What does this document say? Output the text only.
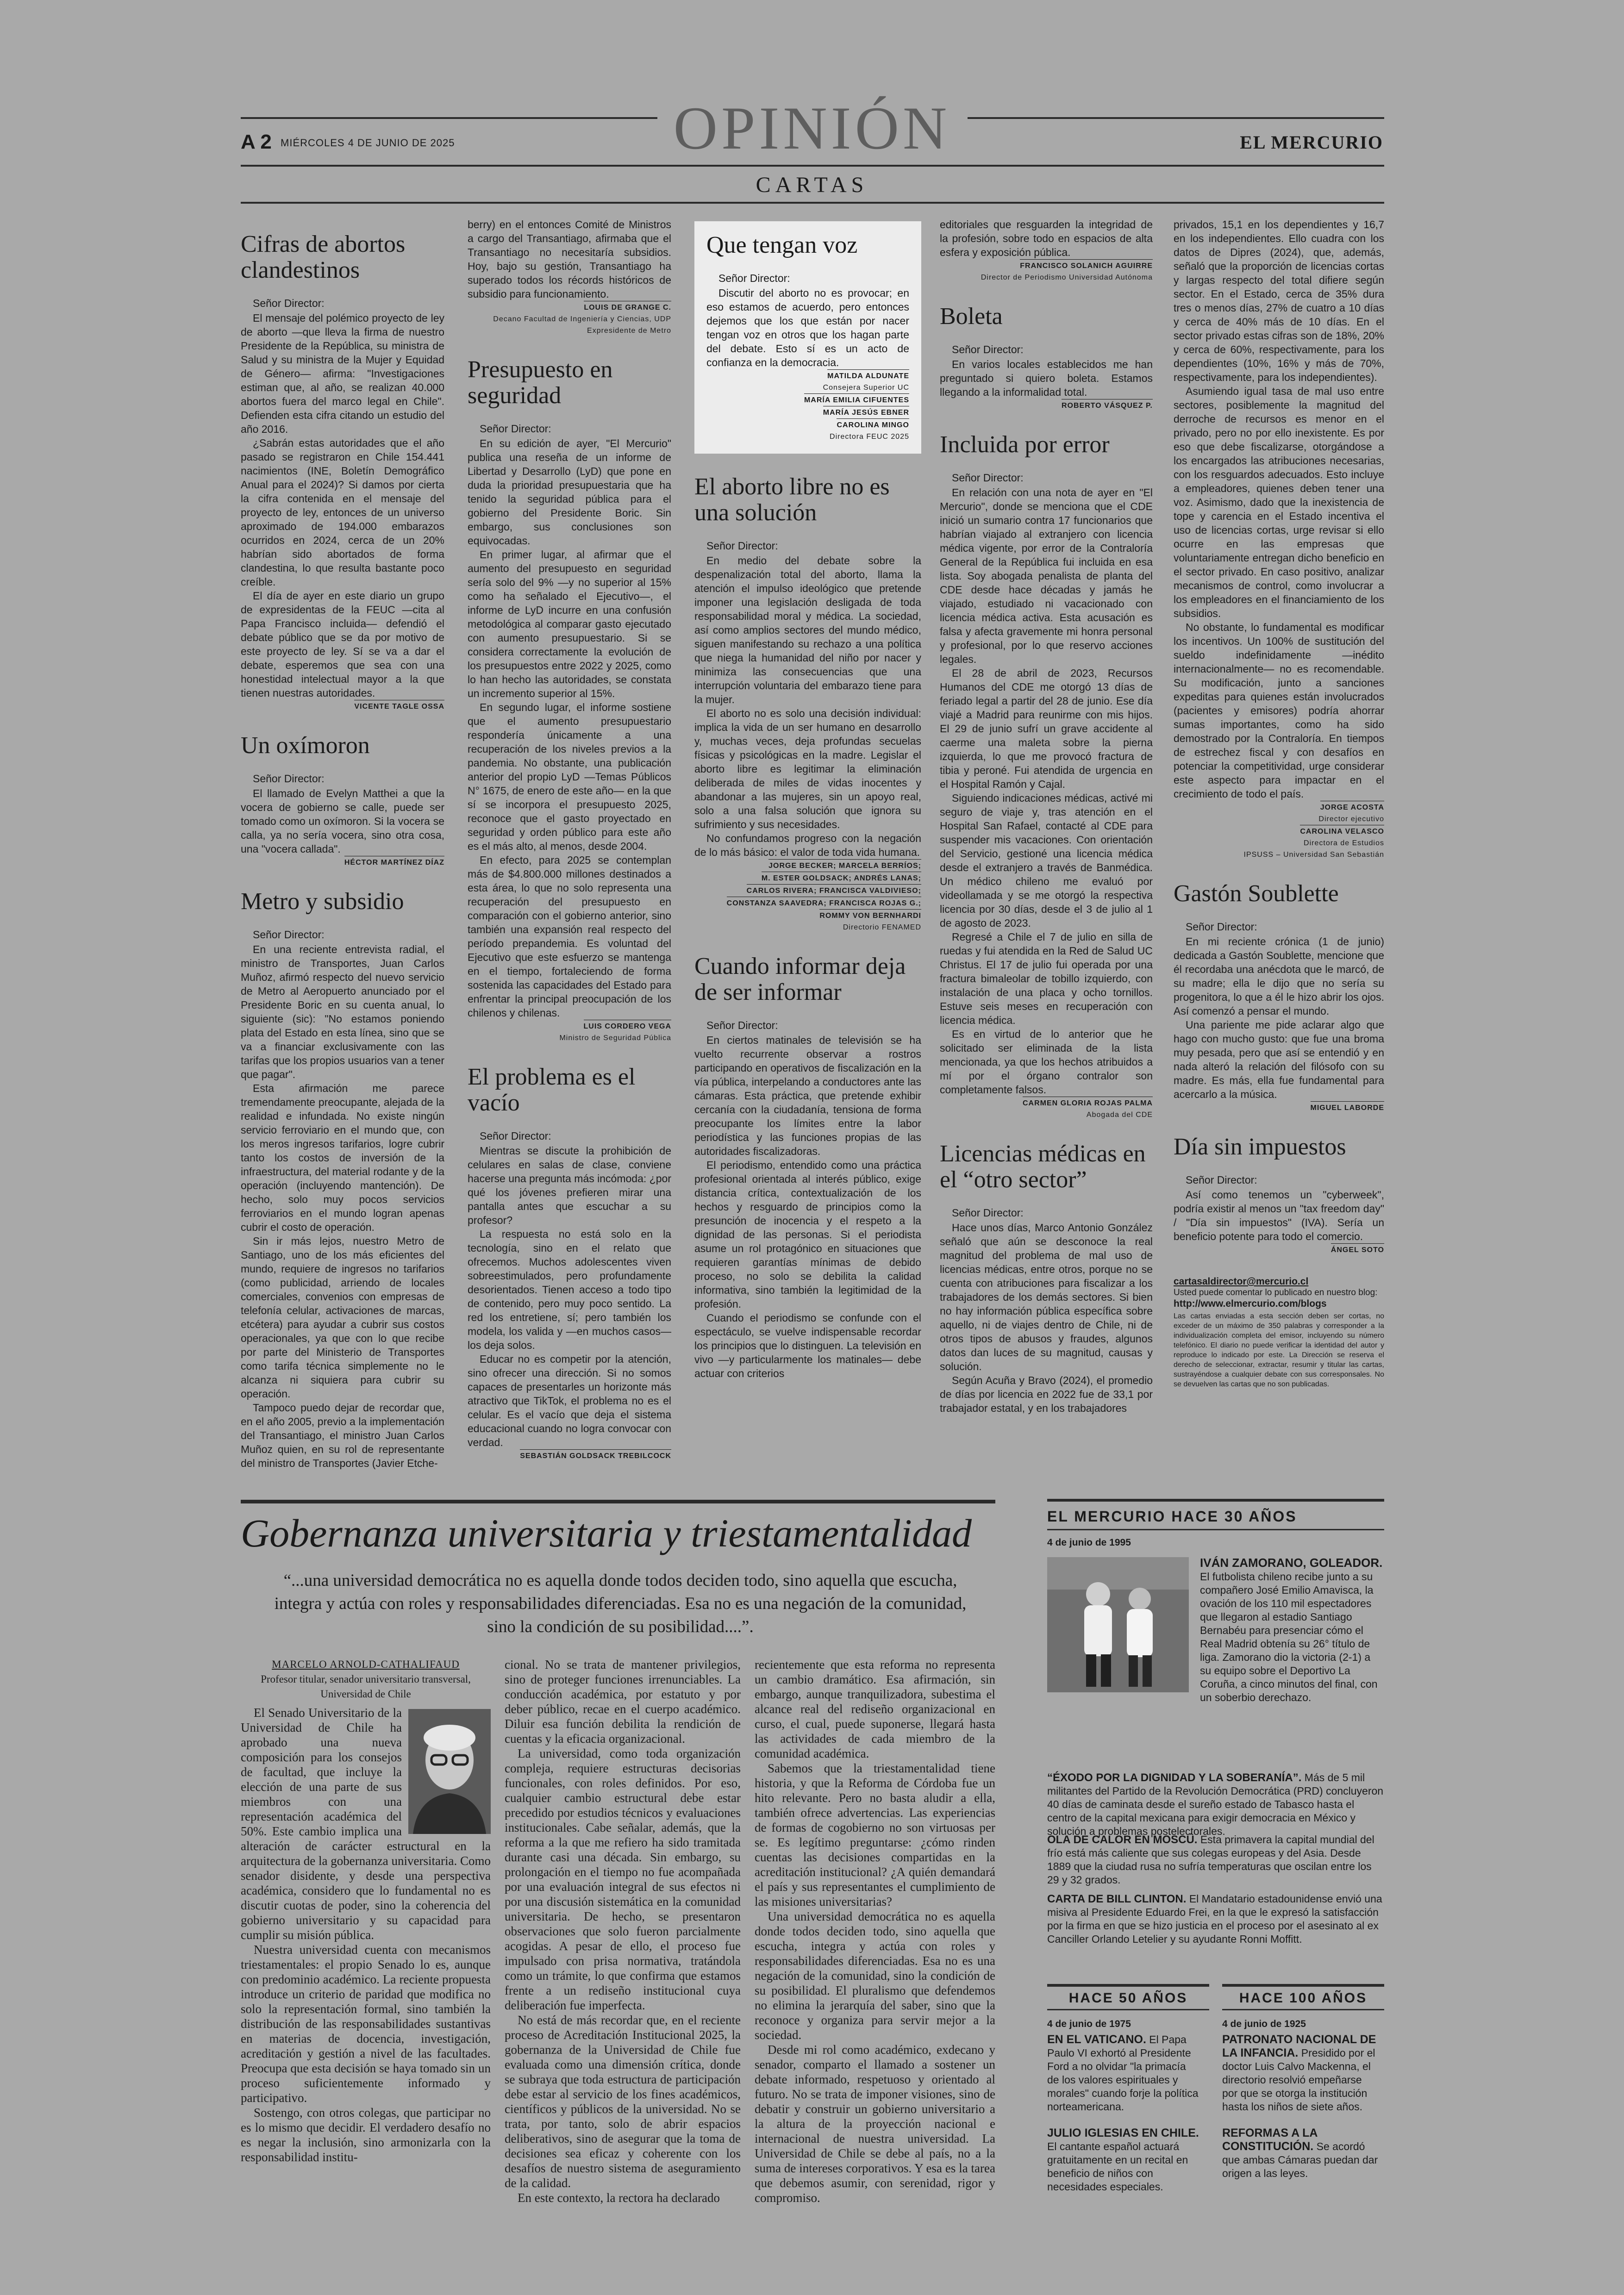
OPINIÓN
A 2 MIÉRCOLES 4 DE JUNIO DE 2025	EL MERCURIO
CARTAS
Cifras de abortos clandestinos

Señor Director:

El mensaje del polémico proyecto de ley de aborto —que lleva la firma de nuestro Presidente de la República, su ministra de Salud y su ministra de la Mujer y Equidad de Género— afirma: "Investigaciones estiman que, al año, se realizan 40.000 abortos fuera del marco legal en Chile". Defienden esta cifra citando un estudio del año 2016.

¿Sabrán estas autoridades que el año pasado se registraron en Chile 154.441 nacimientos (INE, Boletín Demográfico Anual para el 2024)? Si damos por cierta la cifra contenida en el mensaje del proyecto de ley, entonces de un universo aproximado de 194.000 embarazos ocurridos en 2024, cerca de un 20% habrían sido abortados de forma clandestina, lo que resulta bastante poco creíble.

El día de ayer en este diario un grupo de expresidentas de la FEUC —cita al Papa Francisco incluida— defendió el debate público que se da por motivo de este proyecto de ley. Sí se va a dar el debate, esperemos que sea con una honestidad intelectual mayor a la que tienen nuestras autoridades.

VICENTE TAGLE OSSA
Un oxímoron

Señor Director:

El llamado de Evelyn Matthei a que la vocera de gobierno se calle, puede ser tomado como un oxímoron. Si la vocera se calla, ya no sería vocera, sino otra cosa, una "vocera callada".

HÉCTOR MARTÍNEZ DÍAZ
Metro y subsidio

Señor Director:

En una reciente entrevista radial, el ministro de Transportes, Juan Carlos Muñoz, afirmó respecto del nuevo servicio de Metro al Aeropuerto anunciado por el Presidente Boric en su cuenta anual, lo siguiente (sic): "No estamos poniendo plata del Estado en esta línea, sino que se va a financiar exclusivamente con las tarifas que los propios usuarios van a tener que pagar".

Esta afirmación me parece tremendamente preocupante, alejada de la realidad e infundada. No existe ningún servicio ferroviario en el mundo que, con los meros ingresos tarifarios, logre cubrir tanto los costos de inversión de la infraestructura, del material rodante y de la operación (incluyendo mantención). De hecho, solo muy pocos servicios ferroviarios en el mundo logran apenas cubrir el costo de operación.

Sin ir más lejos, nuestro Metro de Santiago, uno de los más eficientes del mundo, requiere de ingresos no tarifarios (como publicidad, arriendo de locales comerciales, convenios con empresas de telefonía celular, activaciones de marcas, etcétera) para ayudar a cubrir sus costos operacionales, ya que con lo que recibe por parte del Ministerio de Transportes como tarifa técnica simplemente no le alcanza ni siquiera para cubrir su operación.

Tampoco puedo dejar de recordar que, en el año 2005, previo a la implementación del Transantiago, el ministro Juan Carlos Muñoz quien, en su rol de representante del ministro de Transportes (Javier Etche-

berry) en el entonces Comité de Ministros a cargo del Transantiago, afirmaba que el Transantiago no necesitaría subsidios. Hoy, bajo su gestión, Transantiago ha superado todos los récords históricos de subsidio para funcionamiento.

LOUIS DE GRANGE C.
Decano Facultad de Ingeniería y Ciencias, UDP Expresidente de Metro
Presupuesto en seguridad

Señor Director:

En su edición de ayer, "El Mercurio" publica una reseña de un informe de Libertad y Desarrollo (LyD) que pone en duda la prioridad presupuestaria que ha tenido la seguridad pública para el gobierno del Presidente Boric. Sin embargo, sus conclusiones son equivocadas.

En primer lugar, al afirmar que el aumento del presupuesto en seguridad sería solo del 9% —y no superior al 15% como ha señalado el Ejecutivo—, el informe de LyD incurre en una confusión metodológica al comparar gasto ejecutado con aumento presupuestario. Si se considera correctamente la evolución de los presupuestos entre 2022 y 2025, como lo han hecho las autoridades, se constata un incremento superior al 15%.

En segundo lugar, el informe sostiene que el aumento presupuestario respondería únicamente a una recuperación de los niveles previos a la pandemia. No obstante, una publicación anterior del propio LyD —Temas Públicos N° 1675, de enero de este año— en la que sí se incorpora el presupuesto 2025, reconoce que el gasto proyectado en seguridad y orden público para este año es el más alto, al menos, desde 2004.

En efecto, para 2025 se contemplan más de $4.800.000 millones destinados a esta área, lo que no solo representa una recuperación del presupuesto en comparación con el gobierno anterior, sino también una expansión real respecto del período prepandemia. Es voluntad del Ejecutivo que este esfuerzo se mantenga en el tiempo, fortaleciendo de forma sostenida las capacidades del Estado para enfrentar la principal preocupación de los chilenos y chilenas.

LUIS CORDERO VEGA
Ministro de Seguridad Pública
El problema es el vacío

Señor Director:

Mientras se discute la prohibición de celulares en salas de clase, conviene hacerse una pregunta más incómoda: ¿por qué los jóvenes prefieren mirar una pantalla antes que escuchar a su profesor?

La respuesta no está solo en la tecnología, sino en el relato que ofrecemos. Muchos adolescentes viven sobreestimulados, pero profundamente desorientados. Tienen acceso a todo tipo de contenido, pero muy poco sentido. La red los entretiene, sí; pero también los modela, los valida y —en muchos casos— los deja solos.

Educar no es competir por la atención, sino ofrecer una dirección. Si no somos capaces de presentarles un horizonte más atractivo que TikTok, el problema no es el celular. Es el vacío que deja el sistema educacional cuando no logra convocar con verdad.

SEBASTIÁN GOLDSACK TREBILCOCK
Que tengan voz

Señor Director:

Discutir del aborto no es provocar; en eso estamos de acuerdo, pero entonces dejemos que los que están por nacer tengan voz en otros que los hagan parte del debate. Esto sí es un acto de confianza en la democracia.

MATILDA ALDUNATE
Consejera Superior UC
MARÍA EMILIA CIFUENTES
MARÍA JESÚS EBNER
CAROLINA MINGO
Directora FEUC 2025
El aborto libre no es una solución

Señor Director:

En medio del debate sobre la despenalización total del aborto, llama la atención el impulso ideológico que pretende imponer una legislación desligada de toda responsabilidad moral y médica. La sociedad, así como amplios sectores del mundo médico, siguen manifestando su rechazo a una política que niega la humanidad del niño por nacer y minimiza las consecuencias que una interrupción voluntaria del embarazo tiene para la mujer.

El aborto no es solo una decisión individual: implica la vida de un ser humano en desarrollo y, muchas veces, deja profundas secuelas físicas y psicológicas en la madre. Legislar el aborto libre es legitimar la eliminación deliberada de miles de vidas inocentes y abandonar a las mujeres, sin un apoyo real, solo a una falsa solución que ignora su sufrimiento y sus necesidades.

No confundamos progreso con la negación de lo más básico: el valor de toda vida humana.

JORGE BECKER; MARCELA BERRÍOS;
M. ESTER GOLDSACK; ANDRÉS LANAS;
CARLOS RIVERA; FRANCISCA VALDIVIESO;
CONSTANZA SAAVEDRA; FRANCISCA ROJAS G.;
ROMMY VON BERNHARDI
Directorio FENAMED
Cuando informar deja de ser informar

Señor Director:

En ciertos matinales de televisión se ha vuelto recurrente observar a rostros participando en operativos de fiscalización en la vía pública, interpelando a conductores ante las cámaras. Esta práctica, que pretende exhibir cercanía con la ciudadanía, tensiona de forma preocupante los límites entre la labor periodística y las funciones propias de las autoridades fiscalizadoras.

El periodismo, entendido como una práctica profesional orientada al interés público, exige distancia crítica, contextualización de los hechos y resguardo de principios como la presunción de inocencia y el respeto a la dignidad de las personas. Si el periodista asume un rol protagónico en situaciones que requieren garantías mínimas de debido proceso, no solo se debilita la calidad informativa, sino también la legitimidad de la profesión.

Cuando el periodismo se confunde con el espectáculo, se vuelve indispensable recordar los principios que lo distinguen. La televisión en vivo —y particularmente los matinales— debe actuar con criterios

editoriales que resguarden la integridad de la profesión, sobre todo en espacios de alta esfera y exposición pública.

FRANCISCO SOLANICH AGUIRRE
Director de Periodismo Universidad Autónoma
Boleta

Señor Director:

En varios locales establecidos me han preguntado si quiero boleta. Estamos llegando a la informalidad total.

ROBERTO VÁSQUEZ P.
Incluida por error

Señor Director:

En relación con una nota de ayer en "El Mercurio", donde se menciona que el CDE inició un sumario contra 17 funcionarios que habrían viajado al extranjero con licencia médica vigente, por error de la Contraloría General de la República fui incluida en esa lista. Soy abogada penalista de planta del CDE desde hace décadas y jamás he viajado, estudiado ni vacacionado con licencia médica activa. Esta acusación es falsa y afecta gravemente mi honra personal y profesional, por lo que reservo acciones legales.

El 28 de abril de 2023, Recursos Humanos del CDE me otorgó 13 días de feriado legal a partir del 28 de junio. Ese día viajé a Madrid para reunirme con mis hijos. El 29 de junio sufrí un grave accidente al caerme una maleta sobre la pierna izquierda, lo que me provocó fractura de tibia y peroné. Fui atendida de urgencia en el Hospital Ramón y Cajal.

Siguiendo indicaciones médicas, activé mi seguro de viaje y, tras atención en el Hospital San Rafael, contacté al CDE para suspender mis vacaciones. Con orientación del Servicio, gestioné una licencia médica desde el extranjero a través de Banmédica. Un médico chileno me evaluó por videollamada y se me otorgó la respectiva licencia por 30 días, desde el 3 de julio al 1 de agosto de 2023.

Regresé a Chile el 7 de julio en silla de ruedas y fui atendida en la Red de Salud UC Christus. El 17 de julio fui operada por una fractura bimaleolar de tobillo izquierdo, con instalación de una placa y ocho tornillos. Estuve seis meses en recuperación con licencia médica.

Es en virtud de lo anterior que he solicitado ser eliminada de la lista mencionada, ya que los hechos atribuidos a mí por el órgano contralor son completamente falsos.

CARMEN GLORIA ROJAS PALMA
Abogada del CDE
Licencias médicas en el “otro sector”

Señor Director:

Hace unos días, Marco Antonio González señaló que aún se desconoce la real magnitud del problema de mal uso de licencias médicas, entre otros, porque no se cuenta con atribuciones para fiscalizar a los trabajadores de los demás sectores. Si bien no hay información pública específica sobre aquello, ni de viajes dentro de Chile, ni de otros tipos de abusos y fraudes, algunos datos dan luces de su magnitud, causas y solución.

Según Acuña y Bravo (2024), el promedio de días por licencia en 2022 fue de 33,1 por trabajador estatal, y en los trabajadores

privados, 15,1 en los dependientes y 16,7 en los independientes. Ello cuadra con los datos de Dipres (2024), que, además, señaló que la proporción de licencias cortas y largas respecto del total difiere según sector. En el Estado, cerca de 35% dura tres o menos días, 27% de cuatro a 10 días y cerca de 40% más de 10 días. En el sector privado estas cifras son de 18%, 20% y cerca de 60%, respectivamente, para los dependientes (10%, 16% y más de 70%, respectivamente, para los independientes).

Asumiendo igual tasa de mal uso entre sectores, posiblemente la magnitud del derroche de recursos es menor en el privado, pero no por ello inexistente. Es por eso que debe fiscalizarse, otorgándose a los encargados las atribuciones necesarias, con los resguardos adecuados. Esto incluye a empleadores, quienes deben tener una voz. Asimismo, dado que la inexistencia de tope y carencia en el Estado incentiva el uso de licencias cortas, urge revisar si ello ocurre en las empresas que voluntariamente entregan dicho beneficio en el sector privado. En caso positivo, analizar mecanismos de control, como involucrar a los empleadores en el financiamiento de los subsidios.

No obstante, lo fundamental es modificar los incentivos. Un 100% de sustitución del sueldo indefinidamente —inédito internacionalmente— no es recomendable. Su modificación, junto a sanciones expeditas para quienes están involucrados (pacientes y emisores) podría ahorrar sumas importantes, como ha sido demostrado por la Contraloría. En tiempos de estrechez fiscal y con desafíos en potenciar la competitividad, urge considerar este aspecto para impactar en el crecimiento de todo el país.

JORGE ACOSTA
Director ejecutivo
CAROLINA VELASCO
Directora de Estudios
IPSUSS – Universidad San Sebastián
Gastón Soublette

Señor Director:

En mi reciente crónica (1 de junio) dedicada a Gastón Soublette, mencione que él recordaba una anécdota que le marcó, de su madre; ella le dijo que no sería su progenitora, lo que a él le hizo abrir los ojos. Así comenzó a pensar el mundo.

Una pariente me pide aclarar algo que hago con mucho gusto: que fue una broma muy pesada, pero que así se entendió y en nada alteró la relación del filósofo con su madre. Es más, ella fue fundamental para acercarlo a la música.

MIGUEL LABORDE
Día sin impuestos

Señor Director:

Así como tenemos un "cyberweek", podría existir al menos un "tax freedom day" / "Día sin impuestos" (IVA). Sería un beneficio potente para todo el comercio.

ÁNGEL SOTO
cartasaldirector@mercurio.cl
Usted puede comentar lo publicado en nuestro blog:
http://www.elmercurio.com/blogs
Las cartas enviadas a esta sección deben ser cortas, no exceder de un máximo de 350 palabras y corresponder a la individualización completa del emisor, incluyendo su número telefónico. El diario no puede verificar la identidad del autor y reproduce lo indicado por este. La Dirección se reserva el derecho de seleccionar, extractar, resumir y titular las cartas, sustrayéndose a cualquier debate con sus corresponsales. No se devuelven las cartas que no son publicadas.
Gobernanza universitaria y triestamentalidad
“...una universidad democrática no es aquella donde todos deciden todo, sino aquella que escucha, integra y actúa con roles y responsabilidades diferenciadas. Esa no es una negación de la comunidad, sino la condición de su posibilidad....”.
MARCELO ARNOLD-CATHALIFAUD
Profesor titular, senador universitario transversal, Universidad de Chile

El Senado Universitario de la Universidad de Chile ha aprobado una nueva composición para los consejos de facultad, que incluye la elección de una parte de sus miembros con una representación académica del 50%. Este cambio implica una alteración de carácter estructural en la arquitectura de la gobernanza universitaria. Como senador disidente, y desde una perspectiva académica, considero que lo fundamental no es discutir cuotas de poder, sino la coherencia del gobierno universitario y su capacidad para cumplir su misión pública.

Nuestra universidad cuenta con mecanismos triestamentales: el propio Senado lo es, aunque con predominio académico. La reciente propuesta introduce un criterio de paridad que modifica no solo la representación formal, sino también la distribución de las responsabilidades sustantivas en materias de docencia, investigación, acreditación y gestión a nivel de las facultades. Preocupa que esta decisión se haya tomado sin un proceso suficientemente informado y participativo.

Sostengo, con otros colegas, que participar no es lo mismo que decidir. El verdadero desafío no es negar la inclusión, sino armonizarla con la responsabilidad institu-

cional. No se trata de mantener privilegios, sino de proteger funciones irrenunciables. La conducción académica, por estatuto y por deber público, recae en el cuerpo académico. Diluir esa función debilita la rendición de cuentas y la eficacia organizacional.

La universidad, como toda organización compleja, requiere estructuras decisorias funcionales, con roles definidos. Por eso, cualquier cambio estructural debe estar precedido por estudios técnicos y evaluaciones institucionales. Cabe señalar, además, que la reforma a la que me refiero ha sido tramitada durante casi una década. Sin embargo, su prolongación en el tiempo no fue acompañada por una evaluación integral de sus efectos ni por una discusión sistemática en la comunidad universitaria. De hecho, se presentaron observaciones que solo fueron parcialmente acogidas. A pesar de ello, el proceso fue impulsado con prisa normativa, tratándola como un trámite, lo que confirma que estamos frente a un rediseño institucional cuya deliberación fue imperfecta.

No está de más recordar que, en el reciente proceso de Acreditación Institucional 2025, la gobernanza de la Universidad de Chile fue evaluada como una dimensión crítica, donde se subraya que toda estructura de participación debe estar al servicio de los fines académicos, científicos y públicos de la universidad. No se trata, por tanto, solo de abrir espacios deliberativos, sino de asegurar que la toma de decisiones sea eficaz y coherente con los desafíos de nuestro sistema de aseguramiento de la calidad.

En este contexto, la rectora ha declarado

recientemente que esta reforma no representa un cambio dramático. Esa afirmación, sin embargo, aunque tranquilizadora, subestima el alcance real del rediseño organizacional en curso, el cual, puede suponerse, llegará hasta las actividades de cada miembro de la comunidad académica.

Sabemos que la triestamentalidad tiene historia, y que la Reforma de Córdoba fue un hito relevante. Pero no basta aludir a ella, también ofrece advertencias. Las experiencias de formas de cogobierno no son virtuosas per se. Es legítimo preguntarse: ¿cómo rinden cuentas las decisiones compartidas en la acreditación institucional? ¿A quién demandará el país y sus representantes el cumplimiento de las misiones universitarias?

Una universidad democrática no es aquella donde todos deciden todo, sino aquella que escucha, integra y actúa con roles y responsabilidades diferenciadas. Esa no es una negación de la comunidad, sino la condición de su posibilidad. El pluralismo que defendemos no elimina la jerarquía del saber, sino que la reconoce y organiza para servir mejor a la sociedad.

Desde mi rol como académico, exdecano y senador, comparto el llamado a sostener un debate informado, respetuoso y orientado al futuro. No se trata de imponer visiones, sino de debatir y construir un gobierno universitario a la altura de la proyección nacional e internacional de nuestra universidad. La Universidad de Chile se debe al país, no a la suma de intereses corporativos. Y esa es la tarea que debemos asumir, con serenidad, rigor y compromiso.

EL MERCURIO HACE 30 AÑOS
4 de junio de 1995
IVÁN ZAMORANO, GOLEADOR. El futbolista chileno recibe junto a su compañero José Emilio Amavisca, la ovación de los 110 mil espectadores que llegaron al estadio Santiago Bernabéu para presenciar cómo el Real Madrid obtenía su 26° título de liga. Zamorano dio la victoria (2-1) a su equipo sobre el Deportivo La Coruña, a cinco minutos del final, con un soberbio derechazo.
“ÉXODO POR LA DIGNIDAD Y LA SOBERANÍA”. Más de 5 mil militantes del Partido de la Revolución Democrática (PRD) concluyeron 40 días de caminata desde el sureño estado de Tabasco hasta el centro de la capital mexicana para exigir democracia en México y solución a problemas postelectorales.
OLA DE CALOR EN MOSCÚ. Esta primavera la capital mundial del frío está más caliente que sus colegas europeas y del Asia. Desde 1889 que la ciudad rusa no sufría temperaturas que oscilan entre los 29 y 32 grados.
CARTA DE BILL CLINTON. El Mandatario estadounidense envió una misiva al Presidente Eduardo Frei, en la que le expresó la satisfacción por la firma en que se hizo justicia en el proceso por el asesinato al ex Canciller Orlando Letelier y su ayudante Ronni Moffitt.
HACE 50 AÑOS
4 de junio de 1975
EN EL VATICANO. El Papa Paulo VI exhortó al Presidente Ford a no olvidar "la primacía de los valores espirituales y morales" cuando forje la política norteamericana.
JULIO IGLESIAS EN CHILE.
El cantante español actuará gratuitamente en un recital en beneficio de niños con necesidades especiales.
HACE 100 AÑOS
4 de junio de 1925
PATRONATO NACIONAL DE LA INFANCIA. Presidido por el doctor Luis Calvo Mackenna, el directorio resolvió empeñarse por que se otorga la institución hasta los niños de siete años.
REFORMAS A LA CONSTITUCIÓN. Se acordó que ambas Cámaras puedan dar origen a las leyes.
